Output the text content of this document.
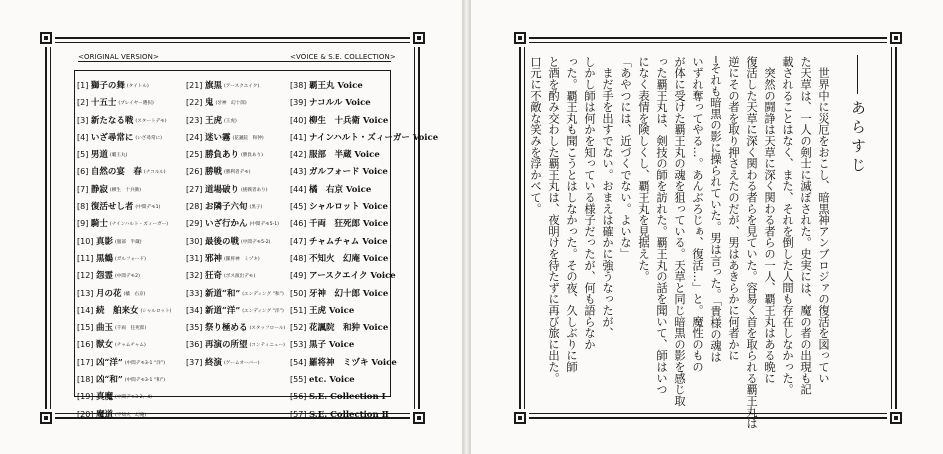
<ORIGINAL VERSION>	<VOICE & S.E. COLLECTION>
[1] 獅子の舞 (タイトル)
[2] 十五士 (プレイヤー選択)
[3] 新たなる戦 (スタートデモ)
[4] いざ尋常に (いざ尋常に)
[5] 男道 (覇王丸)
[6] 自然の宴　春 (ナコルル)
[7] 静寂 (柳生　十兵衛)
[8] 復活せし者 (中間デモ1)
[9] 騎士 (ナインハルト・ズィーガー)
[10] 真影 (服部　半蔵)
[11] 黒鶴 (ガルフォード)
[12] 怨霊 (中間デモ2)
[13] 月の花 (橘　右京)
[14] 続　舶来女 (シャルロット)
[15] 曲玉 (千両　狂死郎)
[16] 獣女 (チャムチャム)
[17] 凶“洋” (中間デモ3-1 “洋”)
[18] 凶“和” (中間デモ3-1 “和”)
[19] 真魔 (中間デモ3-2、4)
[20] 魔道 (不知火　幻庵)
[21] 旗黒 (アースクエイク)
[22] 鬼 (牙神　幻十郎)
[23] 王虎 (王虎)
[24] 迷い霧 (花諷院　和狆)
[25] 勝負あり (勝負あり)
[26] 勝戦 (勝利者デモ)
[27] 道場破り (挑戦者あり)
[28] お隣子六旬 (黒子)
[29] いざ行かん (中間デモ5-1)
[30] 最後の戦 (中間デモ5-2)
[31] 邪神 (羅将神　ミヅキ)
[32] 狂奇 (ボス演出デモ)
[33] 新道“和” (エンディング “和”)
[34] 新道“洋” (エンディング “洋”)
[35] 祭り極める (スタッフロール)
[36] 再演の所望 (コンティニュー)
[37] 終演 (ゲームオーバー)
[38] 覇王丸 Voice
[39] ナコルル Voice
[40] 柳生　十兵衛 Voice
[41] ナインハルト・ズィーガー Voice
[42] 服部　半蔵 Voice
[43] ガルフォード Voice
[44] 橘　右京 Voice
[45] シャルロット Voice
[46] 千両　狂死郎 Voice
[47] チャムチャム Voice
[48] 不知火　幻庵 Voice
[49] アースクエイク Voice
[50] 牙神　幻十郎 Voice
[51] 王虎 Voice
[52] 花諷院　和狆 Voice
[53] 黒子 Voice
[54] 羅将神　ミヅキ Voice
[55] etc. Voice
[56] S.E. Collection Ⅰ
[57] S.E. Collection Ⅱ
あらすじ

　世界中に災厄をおこし、暗黒神アンブロジァの復活を図ってい

た天草は、一人の剣士に滅ぼされた。史実には、魔の者の出現も記

載されることはなく、また、それを倒した人間も存在しなかった。

　突然の闘諍は天草に深く関わる者らの一人、覇王丸はある晩に

復活した天草に深く関わる者らを見ていた。容易く首を取られる覇王丸は

逆にその者を取り押さえたのだが、男はあきらかに何者かに

─それも暗黒の影に操られていた。男は言った。「貴様の魂は

いずれ奪ってやる…。あんぶろじぁ、復活…」と。魔性のもの

が体に受けた覇王丸の魂を狙っている。天草と同じ暗黒の影を感じ取

った覇王丸は、剣技の師を訪れた。覇王丸の話を聞いて、師はいつ

になく表情を険しくし、覇王丸を見据えた。

「あやつには、近づくでない。よいな」

　まだ手を出すでない。おまえは確かに強うなったが、

しかし師は何かを知っている様子だったが、何も語らなか

った。覇王丸も聞こうとはしなかった。その夜、久しぶりに師

と酒を酌み交わした覇王丸は、夜明けを待たずに再び旅に出た。

口元に不敵な笑みを浮かべて。
